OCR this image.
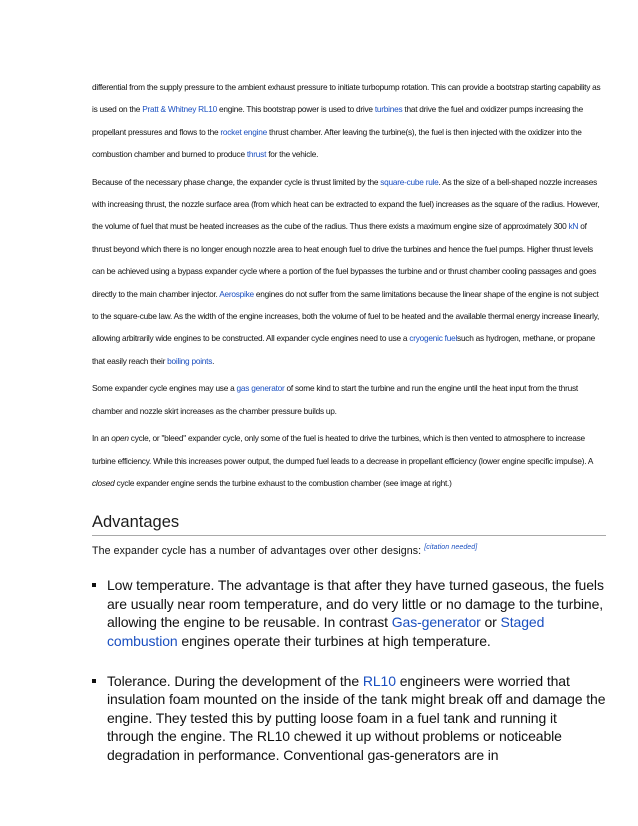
differential from the supply pressure to the ambient exhaust pressure to initiate turbopump rotation. This can provide a bootstrap starting capability as is used on the Pratt & Whitney RL10 engine. This bootstrap power is used to drive turbines that drive the fuel and oxidizer pumps increasing the propellant pressures and flows to the rocket engine thrust chamber. After leaving the turbine(s), the fuel is then injected with the oxidizer into the combustion chamber and burned to produce thrust for the vehicle.

Because of the necessary phase change, the expander cycle is thrust limited by the square-cube rule. As the size of a bell-shaped nozzle increases with increasing thrust, the nozzle surface area (from which heat can be extracted to expand the fuel) increases as the square of the radius. However, the volume of fuel that must be heated increases as the cube of the radius. Thus there exists a maximum engine size of approximately 300 kN of thrust beyond which there is no longer enough nozzle area to heat enough fuel to drive the turbines and hence the fuel pumps. Higher thrust levels can be achieved using a bypass expander cycle where a portion of the fuel bypasses the turbine and or thrust chamber cooling passages and goes directly to the main chamber injector. Aerospike engines do not suffer from the same limitations because the linear shape of the engine is not subject to the square-cube law. As the width of the engine increases, both the volume of fuel to be heated and the available thermal energy increase linearly, allowing arbitrarily wide engines to be constructed. All expander cycle engines need to use a cryogenic fuelsuch as hydrogen, methane, or propane that easily reach their boiling points.

Some expander cycle engines may use a gas generator of some kind to start the turbine and run the engine until the heat input from the thrust chamber and nozzle skirt increases as the chamber pressure builds up.

In an open cycle, or "bleed" expander cycle, only some of the fuel is heated to drive the turbines, which is then vented to atmosphere to increase turbine efficiency. While this increases power output, the dumped fuel leads to a decrease in propellant efficiency (lower engine specific impulse). A closed cycle expander engine sends the turbine exhaust to the combustion chamber (see image at right.)

Advantages

The expander cycle has a number of advantages over other designs: [citation needed]

Low temperature. The advantage is that after they have turned gaseous, the fuels are usually near room temperature, and do very little or no damage to the turbine, allowing the engine to be reusable. In contrast Gas-generator or Staged combustion engines operate their turbines at high temperature.
Tolerance. During the development of the RL10 engineers were worried that insulation foam mounted on the inside of the tank might break off and damage the engine. They tested this by putting loose foam in a fuel tank and running it through the engine. The RL10 chewed it up without problems or noticeable degradation in performance. Conventional gas-generators are in
